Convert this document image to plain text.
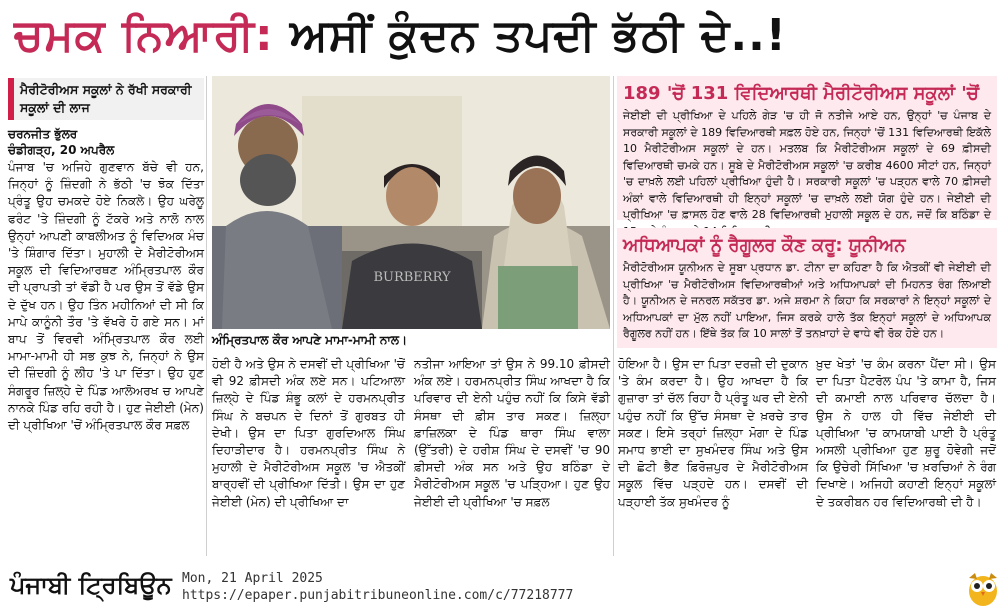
ਚਮਕ ਨਿਆਰੀ: ਅਸੀਂ ਕੁੰਦਨ ਤਪਦੀ ਭੱਠੀ ਦੇ..!
ਮੈਰੀਟੋਰੀਅਸ ਸਕੂਲਾਂ ਨੇ ਰੱਖੀ ਸਰਕਾਰੀ ਸਕੂਲਾਂ ਦੀ ਲਾਜ

ਚਰਨਜੀਤ ਭੁੱਲਰ

ਚੰਡੀਗੜ੍ਹ, 20 ਅਪਰੈਲ

ਪੰਜਾਬ 'ਚ ਅਜਿਹੇ ਗੁਣਵਾਨ ਬੱਚੇ ਵੀ ਹਨ, ਜਿਨ੍ਹਾਂ ਨੂੰ ਜ਼ਿੰਦਗੀ ਨੇ ਭੱਠੀ 'ਚ ਝੋਕ ਦਿੱਤਾ ਪ੍ਰੰਤੂ ਉਹ ਚਮਕਦੇ ਹੋਏ ਨਿਕਲੇ। ਉਹ ਘਰੇਲੂ ਫਰੰਟ 'ਤੇ ਜ਼ਿੰਦਗੀ ਨੂੰ ਟੱਕਰੇ ਅਤੇ ਨਾਲੋ ਨਾਲ ਉਨ੍ਹਾਂ ਆਪਣੀ ਕਾਬਲੀਅਤ ਨੂੰ ਵਿਦਿਅਕ ਮੰਚ 'ਤੇ ਸ਼ਿੰਗਾਰ ਦਿੱਤਾ। ਮੁਹਾਲੀ ਦੇ ਮੈਰੀਟੋਰੀਅਸ ਸਕੂਲ ਦੀ ਵਿਦਿਆਰਥਣ ਅੰਮ੍ਰਿਤਪਾਲ ਕੌਰ ਦੀ ਪ੍ਰਾਪਤੀ ਤਾਂ ਵੱਡੀ ਹੈ ਪਰ ਉਸ ਤੋਂ ਵੱਡੇ ਉਸ ਦੇ ਦੁੱਖ ਹਨ। ਉਹ ਤਿੰਨ ਮਹੀਨਿਆਂ ਦੀ ਸੀ ਕਿ ਮਾਪੇ ਕਾਨੂੰਨੀ ਤੌਰ 'ਤੇ ਵੱਖਰੇ ਹੋ ਗਏ ਸਨ। ਮਾਂ ਬਾਪ ਤੋਂ ਵਿਰਵੀ ਅੰਮ੍ਰਿਤਪਾਲ ਕੌਰ ਲਈ ਮਾਮਾ-ਮਾਮੀ ਹੀ ਸਭ ਕੁਝ ਨੇ, ਜਿਨ੍ਹਾਂ ਨੇ ਉਸ ਦੀ ਜ਼ਿੰਦਗੀ ਨੂੰ ਲੀਹ 'ਤੇ ਪਾ ਦਿੱਤਾ। ਉਹ ਹੁਣ ਸੰਗਰੂਰ ਜ਼ਿਲ੍ਹੇ ਦੇ ਪਿੰਡ ਆਲੋਅਰਖ ਚ ਆਪਣੇ ਨਾਨਕੇ ਪਿੰਡ ਰਹਿ ਰਹੀ ਹੈ। ਹੁਣ ਜੇਈਈ (ਮੇਨ) ਦੀ ਪ੍ਰੀਖਿਆ 'ਚੋਂ ਅੰਮ੍ਰਿਤਪਾਲ ਕੌਰ ਸਫ਼ਲ

BURBERRY
ਅੰਮ੍ਰਿਤਪਾਲ ਕੌਰ ਆਪਣੇ ਮਾਮਾ-ਮਾਮੀ ਨਾਲ।

ਹੋਈ ਹੈ ਅਤੇ ਉਸ ਨੇ ਦਸਵੀਂ ਦੀ ਪ੍ਰੀਖਿਆ 'ਚੋਂ ਵੀ 92 ਫ਼ੀਸਦੀ ਅੰਕ ਲਏ ਸਨ। ਪਟਿਆਲਾ ਜ਼ਿਲ੍ਹੇ ਦੇ ਪਿੰਡ ਸ਼ੰਭੂ ਕਲਾਂ ਦੇ ਹਰਮਨਪ੍ਰੀਤ ਸਿੰਘ ਨੇ ਬਚਪਨ ਦੇ ਦਿਨਾਂ ਤੋਂ ਗੁਰਬਤ ਹੀ ਦੇਖੀ। ਉਸ ਦਾ ਪਿਤਾ ਗੁਰਦਿਆਲ ਸਿੰਘ ਦਿਹਾੜੀਦਾਰ ਹੈ। ਹਰਮਨਪ੍ਰੀਤ ਸਿੰਘ ਨੇ ਮੁਹਾਲੀ ਦੇ ਮੈਰੀਟੋਰੀਅਸ ਸਕੂਲ 'ਚ ਐਤਕੀਂ ਬਾਰ੍ਹਵੀਂ ਦੀ ਪ੍ਰੀਖਿਆ ਦਿੱਤੀ। ਉਸ ਦਾ ਹੁਣ ਜੇਈਈ (ਮੇਨ) ਦੀ ਪ੍ਰੀਖਿਆ ਦਾ

ਨਤੀਜਾ ਆਇਆ ਤਾਂ ਉਸ ਨੇ 99.10 ਫ਼ੀਸਦੀ ਅੰਕ ਲਏ। ਹਰਮਨਪ੍ਰੀਤ ਸਿੰਘ ਆਖਦਾ ਹੈ ਕਿ ਪਰਿਵਾਰ ਦੀ ਏਨੀ ਪਹੁੰਚ ਨਹੀਂ ਕਿ ਕਿਸੇ ਵੱਡੀ ਸੰਸਥਾ ਦੀ ਫ਼ੀਸ ਤਾਰ ਸਕਣ। ਜ਼ਿਲ੍ਹਾ ਫ਼ਾਜ਼ਿਲਕਾ ਦੇ ਪਿੰਡ ਥਾਰਾ ਸਿੰਘ ਵਾਲਾ (ਉੱਤਰੀ) ਦੇ ਹਰੀਸ਼ ਸਿੰਘ ਦੇ ਦਸਵੀਂ 'ਚ 90 ਫ਼ੀਸਦੀ ਅੰਕ ਸਨ ਅਤੇ ਉਹ ਬਠਿੰਡਾ ਦੇ ਮੈਰੀਟੋਰੀਅਸ ਸਕੂਲ 'ਚ ਪੜ੍ਹਿਆ। ਹੁਣ ਉਹ ਜੇਈਈ ਦੀ ਪ੍ਰੀਖਿਆ 'ਚ ਸਫ਼ਲ

ਹੋਇਆ ਹੈ। ਉਸ ਦਾ ਪਿਤਾ ਦਰਜ਼ੀ ਦੀ ਦੁਕਾਨ 'ਤੇ ਕੰਮ ਕਰਦਾ ਹੈ। ਉਹ ਆਖਦਾ ਹੈ ਕਿ ਗੁਜ਼ਾਰਾ ਤਾਂ ਚੱਲ ਰਿਹਾ ਹੈ ਪ੍ਰੰਤੂ ਘਰ ਦੀ ਏਨੀ ਪਹੁੰਚ ਨਹੀਂ ਕਿ ਉੱਚ ਸੰਸਥਾ ਦੇ ਖ਼ਰਚੇ ਤਾਰ ਸਕਣ। ਇਸੇ ਤਰ੍ਹਾਂ ਜ਼ਿਲ੍ਹਾ ਮੋਗਾ ਦੇ ਪਿੰਡ ਸਮਾਧ ਭਾਈ ਦਾ ਸੁਖਮੰਦਰ ਸਿੰਘ ਅਤੇ ਉਸ ਦੀ ਛੋਟੀ ਭੈਣ ਫ਼ਿਰੋਜ਼ਪੁਰ ਦੇ ਮੈਰੀਟੋਰੀਅਸ ਸਕੂਲ ਵਿੱਚ ਪੜ੍ਹਦੇ ਹਨ। ਦਸਵੀਂ ਦੀ ਪੜ੍ਹਾਈ ਤੱਕ ਸੁਖਮੰਦਰ ਨੂੰ

ਖ਼ੁਦ ਖੇਤਾਂ 'ਚ ਕੰਮ ਕਰਨਾ ਪੈਂਦਾ ਸੀ। ਉਸ ਦਾ ਪਿਤਾ ਪੈਟਰੋਲ ਪੰਪ 'ਤੇ ਕਾਮਾ ਹੈ, ਜਿਸ ਦੀ ਕਮਾਈ ਨਾਲ ਪਰਿਵਾਰ ਚੱਲਦਾ ਹੈ। ਉਸ ਨੇ ਹਾਲ ਹੀ ਵਿੱਚ ਜੇਈਈ ਦੀ ਪ੍ਰੀਖਿਆ 'ਚ ਕਾਮਯਾਬੀ ਪਾਈ ਹੈ ਪ੍ਰੰਤੂ ਅਸਲੀ ਪ੍ਰੀਖਿਆ ਹੁਣ ਸ਼ੁਰੂ ਹੋਵੇਗੀ ਜਦੋਂ ਕਿ ਉਚੇਰੀ ਸਿੱਖਿਆ 'ਚ ਖ਼ਰਚਿਆਂ ਨੇ ਰੰਗ ਦਿਖਾਏ। ਅਜਿਹੀ ਕਹਾਣੀ ਇਨ੍ਹਾਂ ਸਕੂਲਾਂ ਦੇ ਤਕਰੀਬਨ ਹਰ ਵਿਦਿਆਰਥੀ ਦੀ ਹੈ।

189 'ਚੋਂ 131 ਵਿਦਿਆਰਥੀ ਮੈਰੀਟੋਰੀਅਸ ਸਕੂਲਾਂ 'ਚੋਂ

ਜੇਈਈ ਦੀ ਪ੍ਰੀਖਿਆ ਦੇ ਪਹਿਲੇ ਗੇੜ 'ਚ ਹੀ ਜੋ ਨਤੀਜੇ ਆਏ ਹਨ, ਉਨ੍ਹਾਂ 'ਚ ਪੰਜਾਬ ਦੇ ਸਰਕਾਰੀ ਸਕੂਲਾਂ ਦੇ 189 ਵਿਦਿਆਰਥੀ ਸਫ਼ਲ ਹੋਏ ਹਨ, ਜਿਨ੍ਹਾਂ 'ਚੋਂ 131 ਵਿਦਿਆਰਥੀ ਇਕੱਲੇ 10 ਮੈਰੀਟੋਰੀਅਸ ਸਕੂਲਾਂ ਦੇ ਹਨ। ਮਤਲਬ ਕਿ ਮੈਰੀਟੋਰੀਅਸ ਸਕੂਲਾਂ ਦੇ 69 ਫ਼ੀਸਦੀ ਵਿਦਿਆਰਥੀ ਚਮਕੇ ਹਨ। ਸੂਬੇ ਦੇ ਮੈਰੀਟੋਰੀਅਸ ਸਕੂਲਾਂ 'ਚ ਕਰੀਬ 4600 ਸੀਟਾਂ ਹਨ, ਜਿਨ੍ਹਾਂ 'ਚ ਦਾਖ਼ਲੇ ਲਈ ਪਹਿਲਾਂ ਪ੍ਰੀਖਿਆ ਹੁੰਦੀ ਹੈ। ਸਰਕਾਰੀ ਸਕੂਲਾਂ 'ਚ ਪੜ੍ਹਨ ਵਾਲੇ 70 ਫ਼ੀਸਦੀ ਅੰਕਾਂ ਵਾਲੇ ਵਿਦਿਆਰਥੀ ਹੀ ਇਨ੍ਹਾਂ ਸਕੂਲਾਂ 'ਚ ਦਾਖ਼ਲੇ ਲਈ ਯੋਗ ਹੁੰਦੇ ਹਨ। ਜੇਈਈ ਦੀ ਪ੍ਰੀਖਿਆ 'ਚ ਫ਼ਾਸਲ ਹੋਣ ਵਾਲੇ 28 ਵਿਦਿਆਰਥੀ ਮੁਹਾਲੀ ਸਕੂਲ ਦੇ ਹਨ, ਜਦੋਂ ਕਿ ਬਠਿੰਡਾ ਦੇ

ਅਧਿਆਪਕਾਂ ਨੂੰ ਰੈਗੂਲਰ ਕੌਣ ਕਰੂ: ਯੂਨੀਅਨ

ਮੈਰੀਟੋਰੀਅਸ ਯੂਨੀਅਨ ਦੇ ਸੂਬਾ ਪ੍ਰਧਾਨ ਡਾ. ਟੀਨਾ ਦਾ ਕਹਿਣਾ ਹੈ ਕਿ ਐਤਕੀਂ ਵੀ ਜੇਈਈ ਦੀ ਪ੍ਰੀਖਿਆ 'ਚ ਮੈਰੀਟੋਰੀਅਸ ਵਿਦਿਆਰਥੀਆਂ ਅਤੇ ਅਧਿਆਪਕਾਂ ਦੀ ਮਿਹਨਤ ਰੰਗ ਲਿਆਈ ਹੈ। ਯੂਨੀਅਨ ਦੇ ਜਨਰਲ ਸਕੱਤਰ ਡਾ. ਅਜੇ ਸ਼ਰਮਾ ਨੇ ਕਿਹਾ ਕਿ ਸਰਕਾਰਾਂ ਨੇ ਇਨ੍ਹਾਂ ਸਕੂਲਾਂ ਦੇ ਅਧਿਆਪਕਾਂ ਦਾ ਮੁੱਲ ਨਹੀਂ ਪਾਇਆ, ਜਿਸ ਕਰਕੇ ਹਾਲੇ ਤੱਕ ਇਨ੍ਹਾਂ ਸਕੂਲਾਂ ਦੇ ਅਧਿਆਪਕ ਰੈਗੂਲਰ ਨਹੀਂ ਹਨ। ਇੱਥੇ ਤੱਕ ਕਿ 10 ਸਾਲਾਂ ਤੋਂ ਤਨਖ਼ਾਹਾਂ ਦੇ ਵਾਧੇ ਵੀ ਰੋਕ ਹੋਏ ਹਨ।

ਪੰਜਾਬੀ ਟ੍ਰਿਬਿਊਨ Mon, 21 April 2025
https://epaper.punjabitribuneonline.com/c/77218777
